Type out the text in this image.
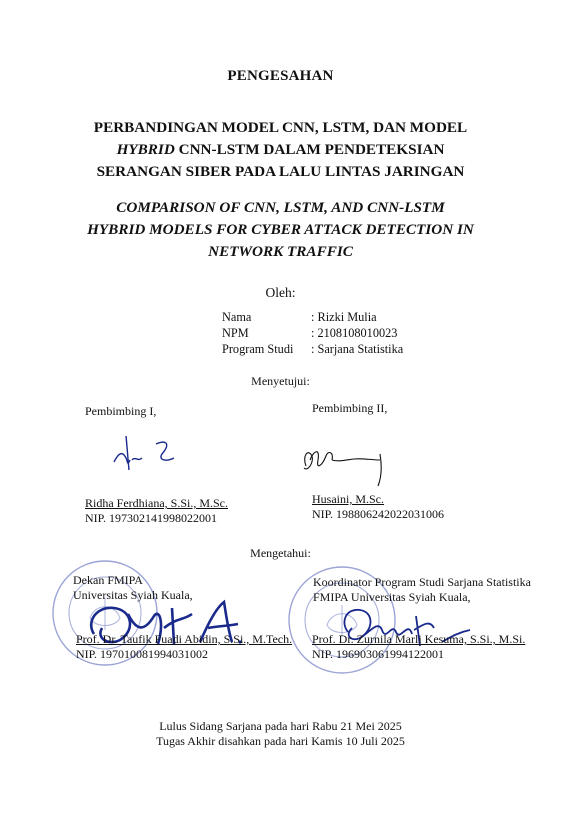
PENGESAHAN
PERBANDINGAN MODEL CNN, LSTM, DAN MODEL
HYBRID CNN-LSTM DALAM PENDETEKSIAN
SERANGAN SIBER PADA LALU LINTAS JARINGAN
COMPARISON OF CNN, LSTM, AND CNN-LSTM
HYBRID MODELS FOR CYBER ATTACK DETECTION IN
NETWORK TRAFFIC
Oleh:
Nama	: Rizki Mulia
NPM	: 2108108010023
Program Studi	: Sarjana Statistika
Menyetujui:
Pembimbing I,
Ridha Ferdhiana, S.Si., M.Sc.
NIP. 197302141998022001
Pembimbing II,
Husaini, M.Sc.
NIP. 198806242022031006
Mengetahui:
Dekan FMIPA
Universitas Syiah Kuala,
Prof. Dr. Taufik Fuadi Abidin, S.Si., M.Tech.
NIP. 197010081994031002
Koordinator Program Studi Sarjana Statistika
FMIPA Universitas Syiah Kuala,
Prof. Dr. Zurnila Marli Kesuma, S.Si., M.Si.
NIP. 196903061994122001
Lulus Sidang Sarjana pada hari Rabu 21 Mei 2025
Tugas Akhir disahkan pada hari Kamis 10 Juli 2025
